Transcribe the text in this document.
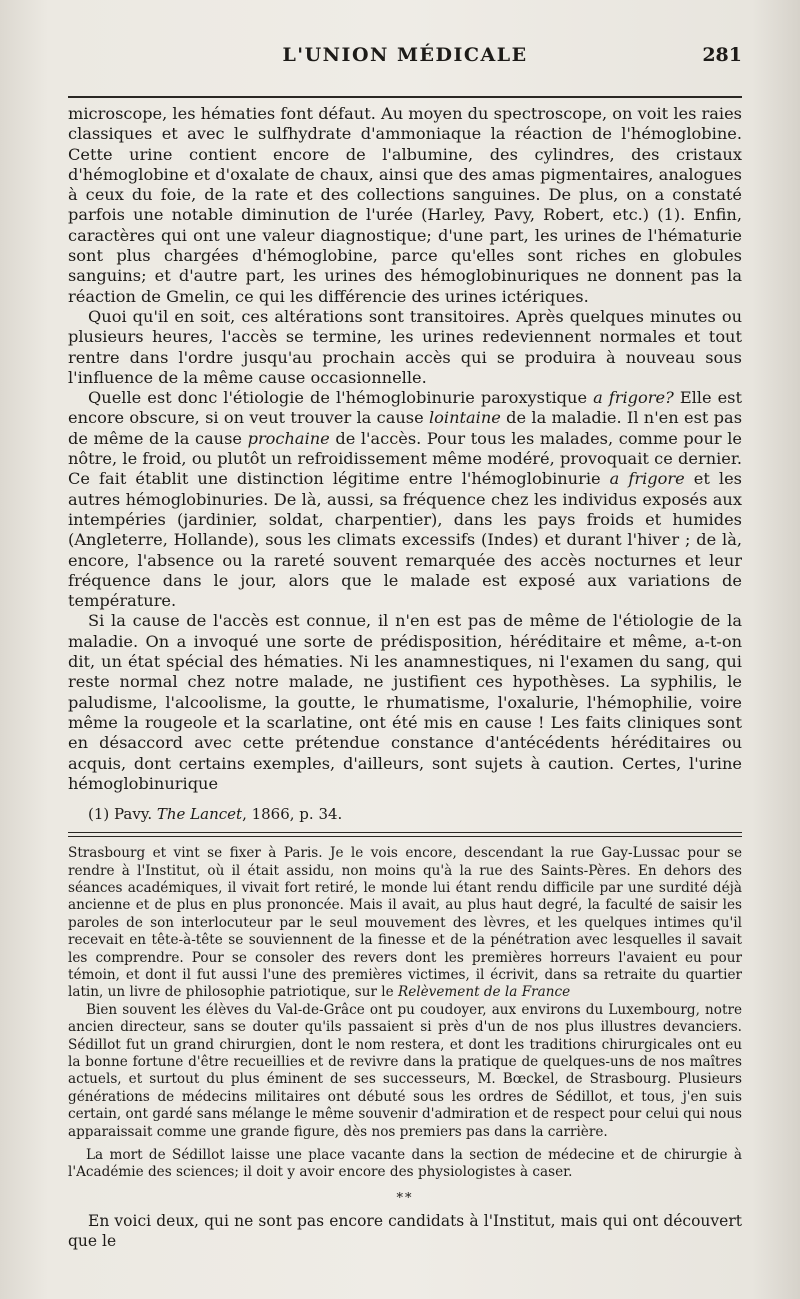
L'UNION MÉDICALE	281

microscope, les hématies font défaut. Au moyen du spectroscope, on voit les raies classiques et avec le sulfhydrate d'ammoniaque la réaction de l'hémoglobine. Cette urine contient encore de l'albumine, des cylindres, des cristaux d'hémoglobine et d'oxalate de chaux, ainsi que des amas pigmentaires, analogues à ceux du foie, de la rate et des collections sanguines. De plus, on a constaté parfois une notable diminution de l'urée (Harley, Pavy, Robert, etc.) (1). Enfin, caractères qui ont une valeur diagnostique; d'une part, les urines de l'hématurie sont plus chargées d'hémoglobine, parce qu'elles sont riches en globules sanguins; et d'autre part, les urines des hémoglobinuriques ne donnent pas la réaction de Gmelin, ce qui les différencie des urines ictériques.

Quoi qu'il en soit, ces altérations sont transitoires. Après quelques minutes ou plusieurs heures, l'accès se termine, les urines redeviennent normales et tout rentre dans l'ordre jusqu'au prochain accès qui se produira à nouveau sous l'influence de la même cause occasionnelle.

Quelle est donc l'étiologie de l'hémoglobinurie paroxystique a frigore? Elle est encore obscure, si on veut trouver la cause lointaine de la maladie. Il n'en est pas de même de la cause prochaine de l'accès. Pour tous les malades, comme pour le nôtre, le froid, ou plutôt un refroidissement même modéré, provoquait ce dernier. Ce fait établit une distinction légitime entre l'hémoglobinurie a frigore et les autres hémoglobinuries. De là, aussi, sa fréquence chez les individus exposés aux intempéries (jardinier, soldat, charpentier), dans les pays froids et humides (Angleterre, Hollande), sous les climats excessifs (Indes) et durant l'hiver ; de là, encore, l'absence ou la rareté souvent remarquée des accès nocturnes et leur fréquence dans le jour, alors que le malade est exposé aux variations de température.

Si la cause de l'accès est connue, il n'en est pas de même de l'étiologie de la maladie. On a invoqué une sorte de prédisposition, héréditaire et même, a-t-on dit, un état spécial des hématies. Ni les anamnestiques, ni l'examen du sang, qui reste normal chez notre malade, ne justifient ces hypothèses. La syphilis, le paludisme, l'alcoolisme, la goutte, le rhumatisme, l'oxalurie, l'hémophilie, voire même la rougeole et la scarlatine, ont été mis en cause ! Les faits cliniques sont en désaccord avec cette prétendue constance d'antécédents héréditaires ou acquis, dont certains exemples, d'ailleurs, sont sujets à caution. Certes, l'urine hémoglobinurique

(1) Pavy. The Lancet, 1866, p. 34.

Strasbourg et vint se fixer à Paris. Je le vois encore, descendant la rue Gay-Lussac pour se rendre à l'Institut, où il était assidu, non moins qu'à la rue des Saints-Pères. En dehors des séances académiques, il vivait fort retiré, le monde lui étant rendu difficile par une surdité déjà ancienne et de plus en plus prononcée. Mais il avait, au plus haut degré, la faculté de saisir les paroles de son interlocuteur par le seul mouvement des lèvres, et les quelques intimes qu'il recevait en tête-à-tête se souviennent de la finesse et de la pénétration avec lesquelles il savait les comprendre. Pour se consoler des revers dont les premières horreurs l'avaient eu pour témoin, et dont il fut aussi l'une des premières victimes, il écrivit, dans sa retraite du quartier latin, un livre de philosophie patriotique, sur le Relèvement de la France

Bien souvent les élèves du Val-de-Grâce ont pu coudoyer, aux environs du Luxembourg, notre ancien directeur, sans se douter qu'ils passaient si près d'un de nos plus illustres devanciers. Sédillot fut un grand chirurgien, dont le nom restera, et dont les traditions chirurgicales ont eu la bonne fortune d'être recueillies et de revivre dans la pratique de quelques-uns de nos maîtres actuels, et surtout du plus éminent de ses successeurs, M. Bœckel, de Strasbourg. Plusieurs générations de médecins militaires ont débuté sous les ordres de Sédillot, et tous, j'en suis certain, ont gardé sans mélange le même souvenir d'admiration et de respect pour celui qui nous apparaissait comme une grande figure, dès nos premiers pas dans la carrière.

La mort de Sédillot laisse une place vacante dans la section de médecine et de chirurgie à l'Académie des sciences; il doit y avoir encore des physiologistes à caser.

**
En voici deux, qui ne sont pas encore candidats à l'Institut, mais qui ont découvert que le
